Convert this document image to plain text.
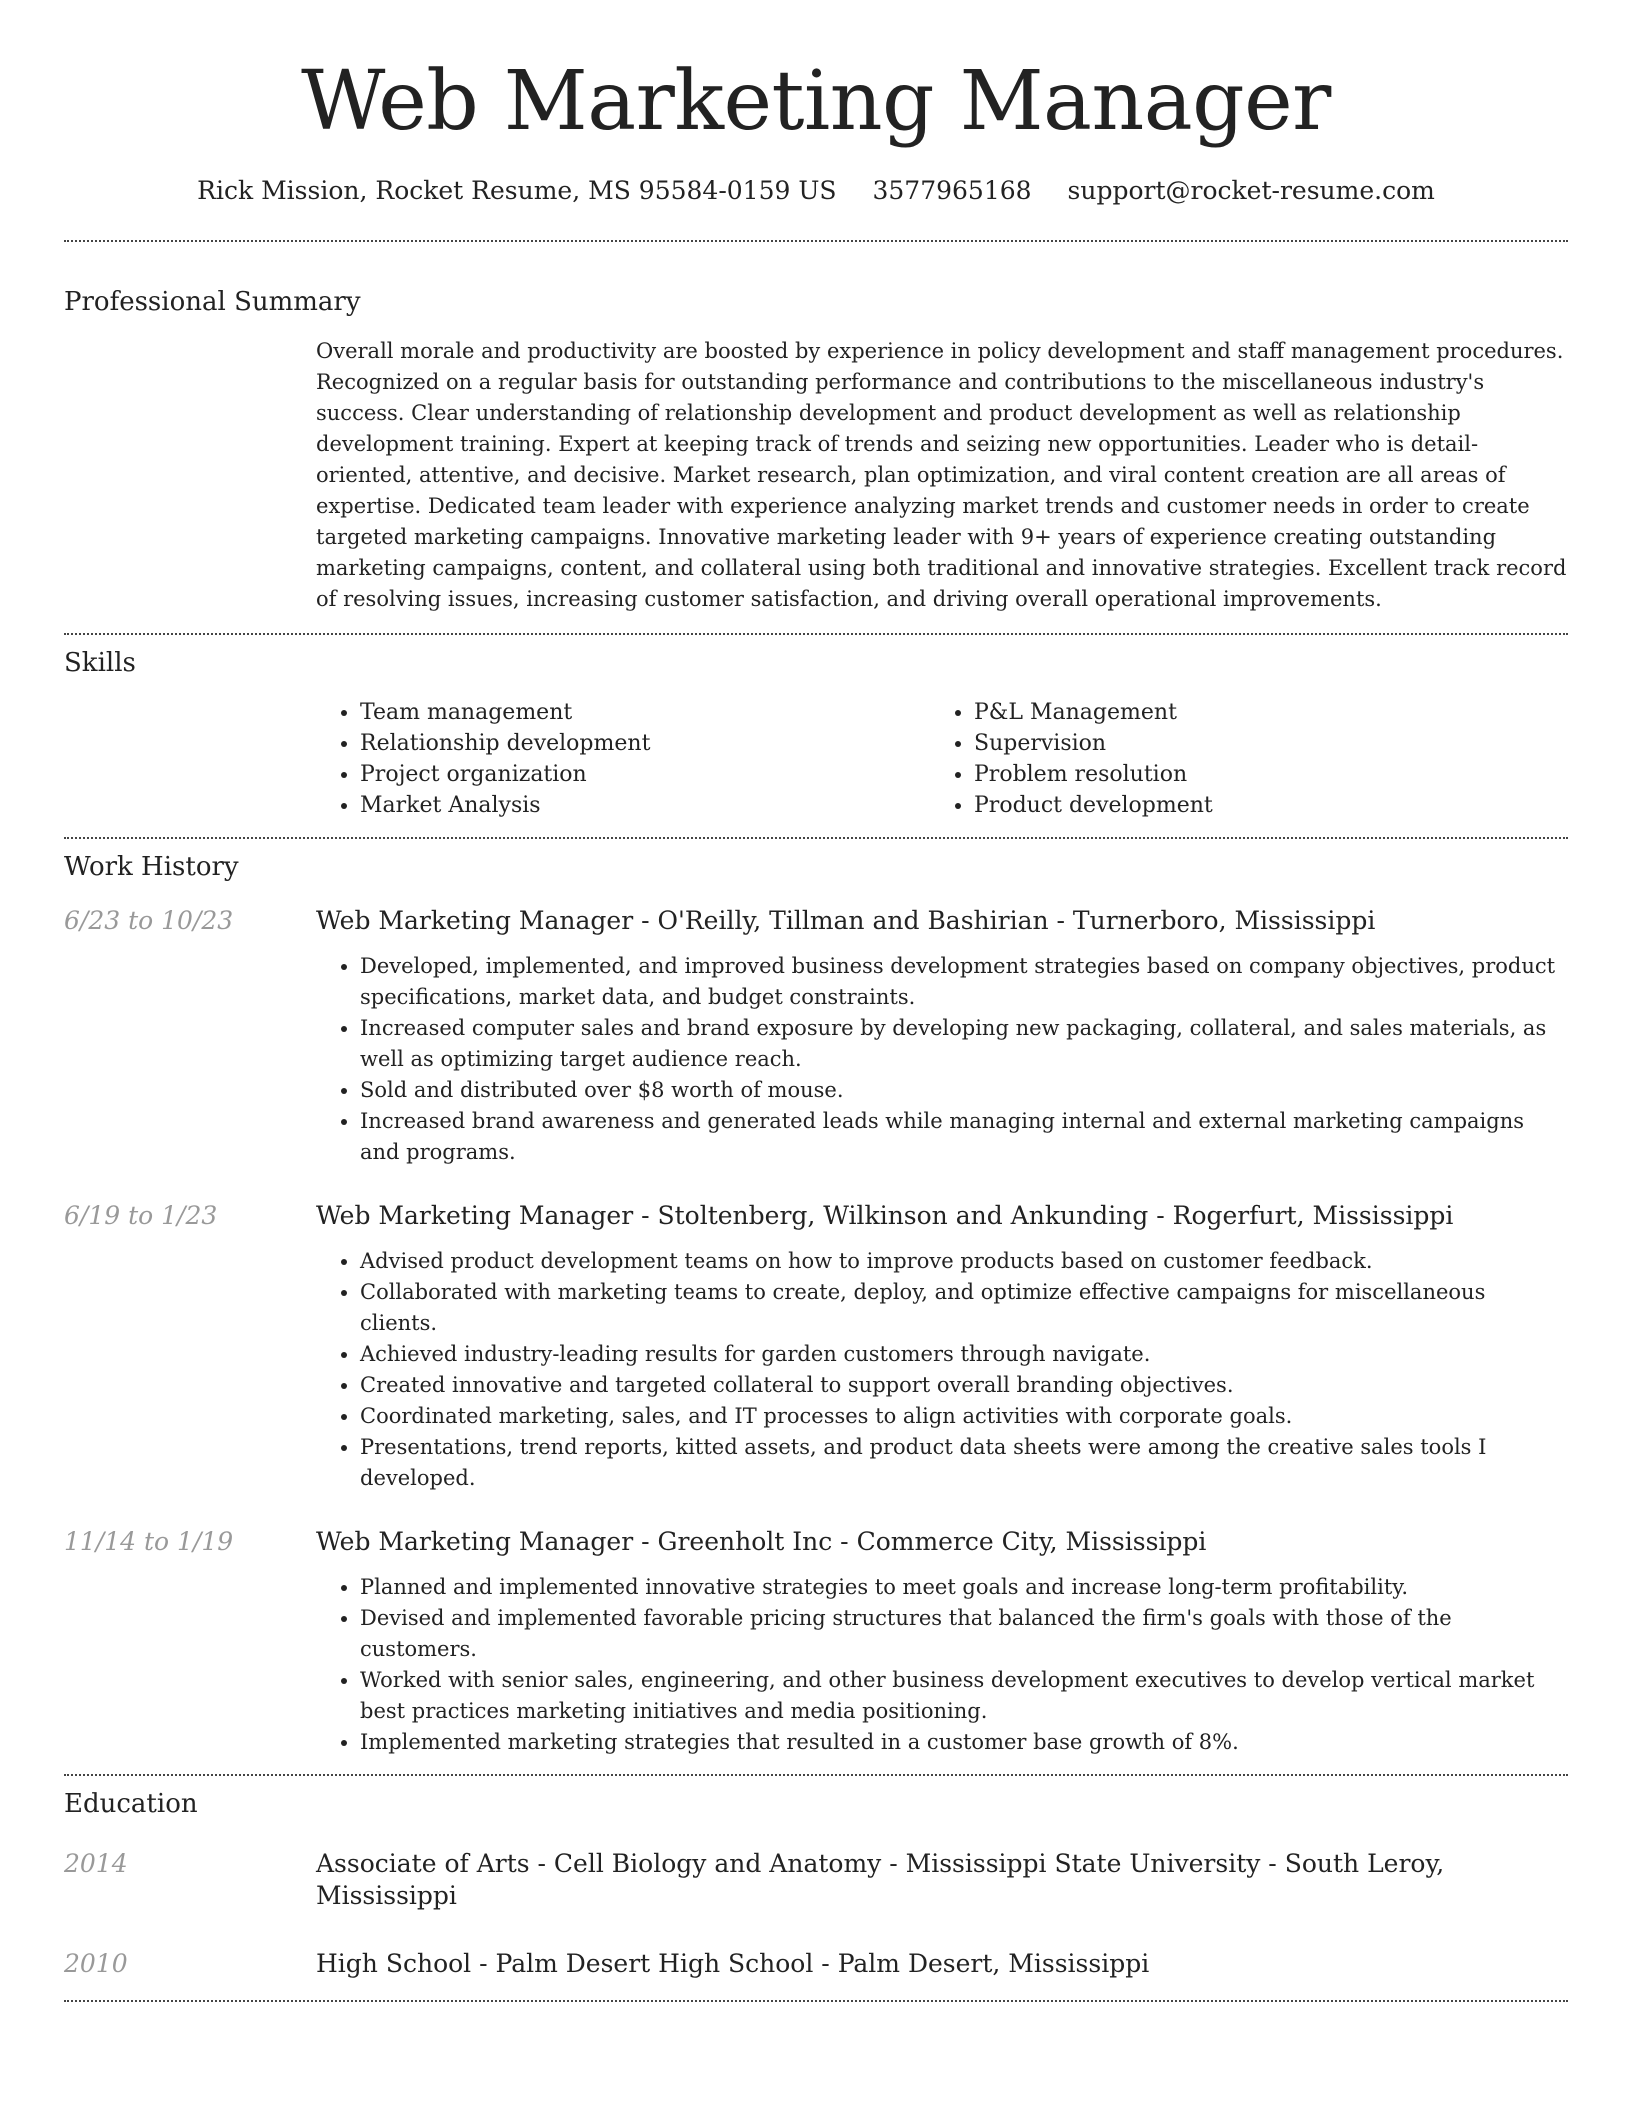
Web Marketing Manager
Rick Mission, Rocket Resume, MS 95584-0159 US 3577965168 support@rocket-resume.com
Professional Summary
Overall morale and productivity are boosted by experience in policy development and staff management procedures. Recognized on a regular basis for outstanding performance and contributions to the miscellaneous industry's success. Clear understanding of relationship development and product development as well as relationship development training. Expert at keeping track of trends and seizing new opportunities. Leader who is detail-oriented, attentive, and decisive. Market research, plan optimization, and viral content creation are all areas of expertise. Dedicated team leader with experience analyzing market trends and customer needs in order to create targeted marketing campaigns. Innovative marketing leader with 9+ years of experience creating outstanding marketing campaigns, content, and collateral using both traditional and innovative strategies. Excellent track record of resolving issues, increasing customer satisfaction, and driving overall operational improvements.
Skills
• Team management
• Relationship development
• Project organization
• Market Analysis
• P&L Management
• Supervision
• Problem resolution
• Product development
Work History
6/23 to 10/23	Web Marketing Manager - O'Reilly, Tillman and Bashirian - Turnerboro, Mississippi
• Developed, implemented, and improved business development strategies based on company objectives, product specifications, market data, and budget constraints.
• Increased computer sales and brand exposure by developing new packaging, collateral, and sales materials, as well as optimizing target audience reach.
• Sold and distributed over $8 worth of mouse.
• Increased brand awareness and generated leads while managing internal and external marketing campaigns and programs.
6/19 to 1/23	Web Marketing Manager - Stoltenberg, Wilkinson and Ankunding - Rogerfurt, Mississippi
• Advised product development teams on how to improve products based on customer feedback.
• Collaborated with marketing teams to create, deploy, and optimize effective campaigns for miscellaneous clients.
• Achieved industry-leading results for garden customers through navigate.
• Created innovative and targeted collateral to support overall branding objectives.
• Coordinated marketing, sales, and IT processes to align activities with corporate goals.
• Presentations, trend reports, kitted assets, and product data sheets were among the creative sales tools I developed.
11/14 to 1/19	Web Marketing Manager - Greenholt Inc - Commerce City, Mississippi
• Planned and implemented innovative strategies to meet goals and increase long-term profitability.
• Devised and implemented favorable pricing structures that balanced the firm's goals with those of the customers.
• Worked with senior sales, engineering, and other business development executives to develop vertical market best practices marketing initiatives and media positioning.
• Implemented marketing strategies that resulted in a customer base growth of 8%.
Education
2014	Associate of Arts - Cell Biology and Anatomy - Mississippi State University - South Leroy, Mississippi
2010	High School - Palm Desert High School - Palm Desert, Mississippi
